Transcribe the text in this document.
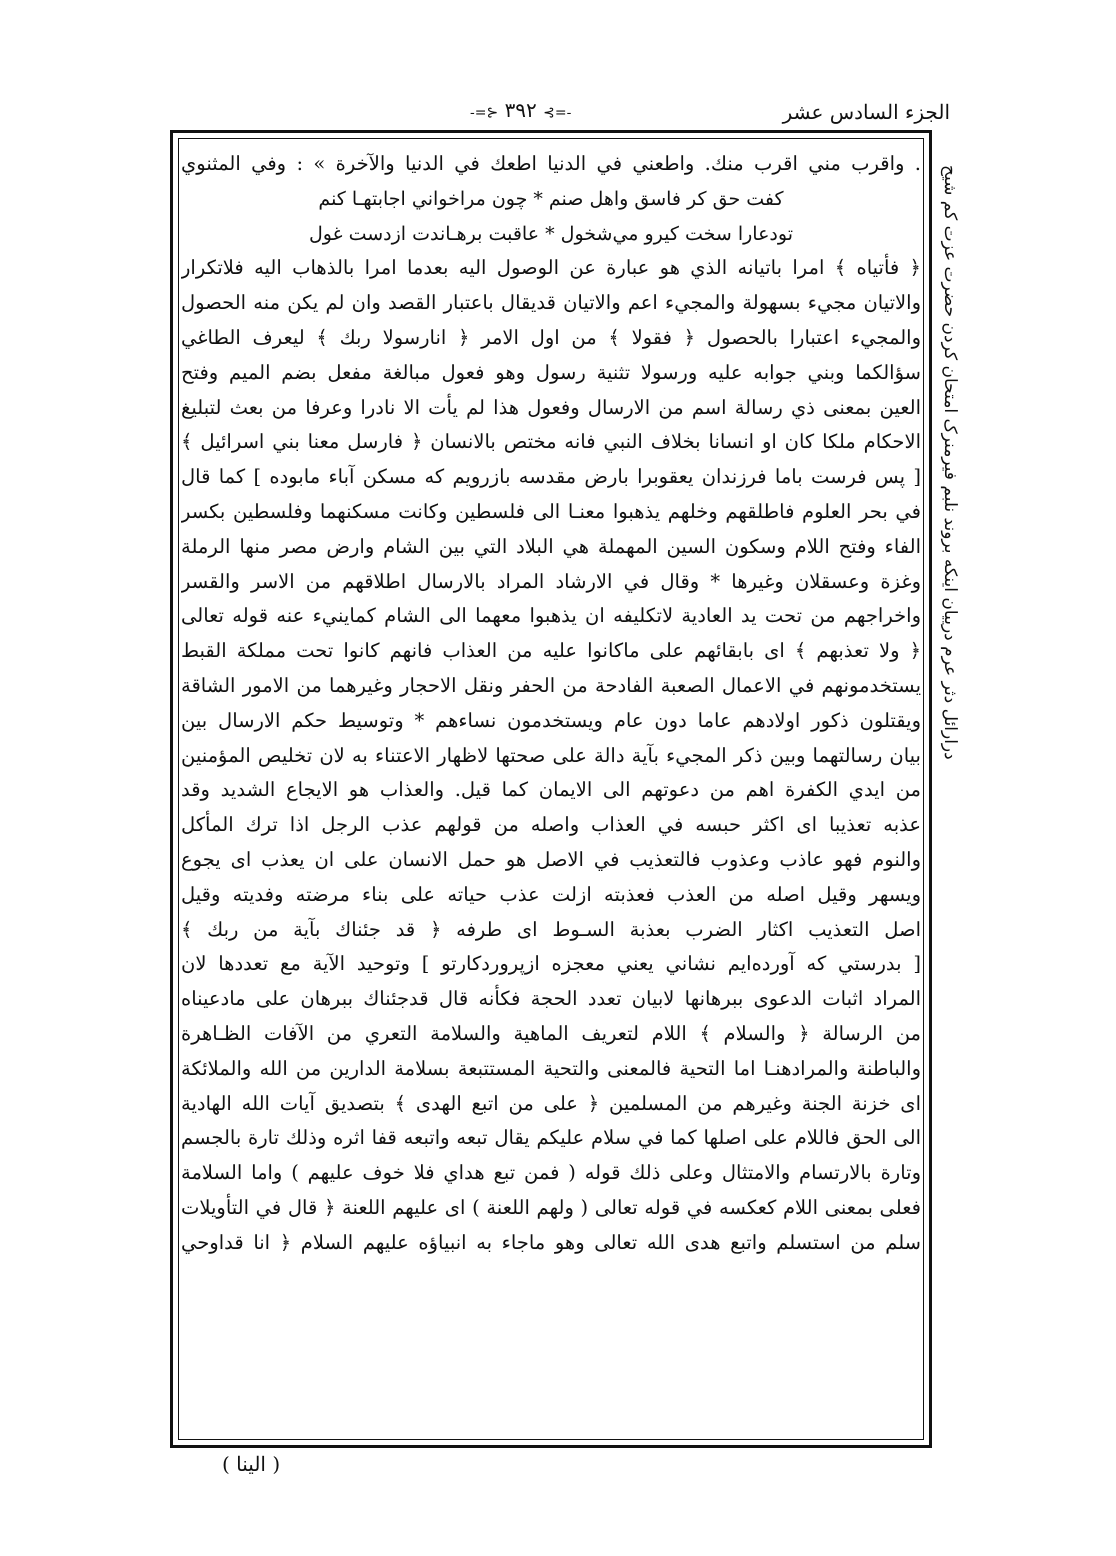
الجزء السادس عشر
-=⊱ ٣٩٢ ⊰=-
درارائل دثر عرم درییان اینکه بروند نلبم فیرمنرک امتحان کردن حضرت عزت کم شیح
. واقرب مني اقرب منك. واطعني في الدنيا اطعك في الدنيا والآخرة » : وفي المثنوي
كفت حق كر فاسق واهل صنم * چون مراخواني اجابتهـا كنم
تودعارا سخت كيرو مي‌شخول * عاقبت برهـاندت ازدست غول
﴿ فأتياه ﴾ امرا باتيانه الذي هو عبارة عن الوصول اليه بعدما امرا بالذهاب اليه فلاتكرار
والاتيان مجيء بسهولة والمجيء اعم والاتيان قديقال باعتبار القصد وان لم يكن منه الحصول
والمجيء اعتبارا بالحصول ﴿ فقولا ﴾ من اول الامر ﴿ انارسولا ربك ﴾ ليعرف الطاغي
سؤالكما وبني جوابه عليه ورسولا تثنية رسول وهو فعول مبالغة مفعل بضم الميم وفتح
العين بمعنى ذي رسالة اسم من الارسال وفعول هذا لم يأت الا نادرا وعرفا من بعث لتبليغ
الاحكام ملكا كان او انسانا بخلاف النبي فانه مختص بالانسان ﴿ فارسل معنا بني اسرائيل ﴾
[ پس فرست باما فرزندان يعقوبرا بارض مقدسه بازرويم كه مسكن آباء مابوده ] كما قال
في بحر العلوم فاطلقهم وخلهم يذهبوا معنـا الى فلسطين وكانت مسكنهما وفلسطين بكسر
الفاء وفتح اللام وسكون السين المهملة هي البلاد التي بين الشام وارض مصر منها الرملة
وغزة وعسقلان وغيرها * وقال في الارشاد المراد بالارسال اطلاقهم من الاسر والقسر
واخراجهم من تحت يد العادية لاتكليفه ان يذهبوا معهما الى الشام كماينيء عنه قوله تعالى
﴿ ولا تعذبهم ﴾ اى بابقائهم على ماكانوا عليه من العذاب فانهم كانوا تحت مملكة القبط
يستخدمونهم في الاعمال الصعبة الفادحة من الحفر ونقل الاحجار وغيرهما من الامور الشاقة
ويقتلون ذكور اولادهم عاما دون عام ويستخدمون نساءهم * وتوسيط حكم الارسال بين
بيان رسالتهما وبين ذكر المجيء بآية دالة على صحتها لاظهار الاعتناء به لان تخليص المؤمنين
من ايدي الكفرة اهم من دعوتهم الى الايمان كما قيل. والعذاب هو الايجاع الشديد وقد
عذبه تعذيبا اى اكثر حبسه في العذاب واصله من قولهم عذب الرجل اذا ترك المأكل
والنوم فهو عاذب وعذوب فالتعذيب في الاصل هو حمل الانسان على ان يعذب اى يجوع
ويسهر وقيل اصله من العذب فعذبته ازلت عذب حياته على بناء مرضته وفديته وقيل
اصل التعذيب اكثار الضرب بعذبة السـوط اى طرفه ﴿ قد جئناك بآية من ربك ﴾
[ بدرستي كه آورده‌ايم نشاني يعني معجزه ازپروردكارتو ] وتوحيد الآية مع تعددها لان
المراد اثبات الدعوى ببرهانها لابيان تعدد الحجة فكأنه قال قدجئناك ببرهان على مادعيناه
من الرسالة ﴿ والسلام ﴾ اللام لتعريف الماهية والسلامة التعري من الآفات الظـاهرة
والباطنة والمرادهنـا اما التحية فالمعنى والتحية المستتبعة بسلامة الدارين من الله والملائكة
اى خزنة الجنة وغيرهم من المسلمين ﴿ على من اتبع الهدى ﴾ بتصديق آيات الله الهادية
الى الحق فاللام على اصلها كما في سلام عليكم يقال تبعه واتبعه قفا اثره وذلك تارة بالجسم
وتارة بالارتسام والامتثال وعلى ذلك قوله ( فمن تبع هداي فلا خوف عليهم ) واما السلامة
فعلى بمعنى اللام كعكسه في قوله تعالى ( ولهم اللعنة ) اى عليهم اللعنة ﴿ قال في التأويلات
سلم من استسلم واتبع هدى الله تعالى وهو ماجاء به انبياؤه عليهم السلام ﴿ انا قداوحي
( الينا )
